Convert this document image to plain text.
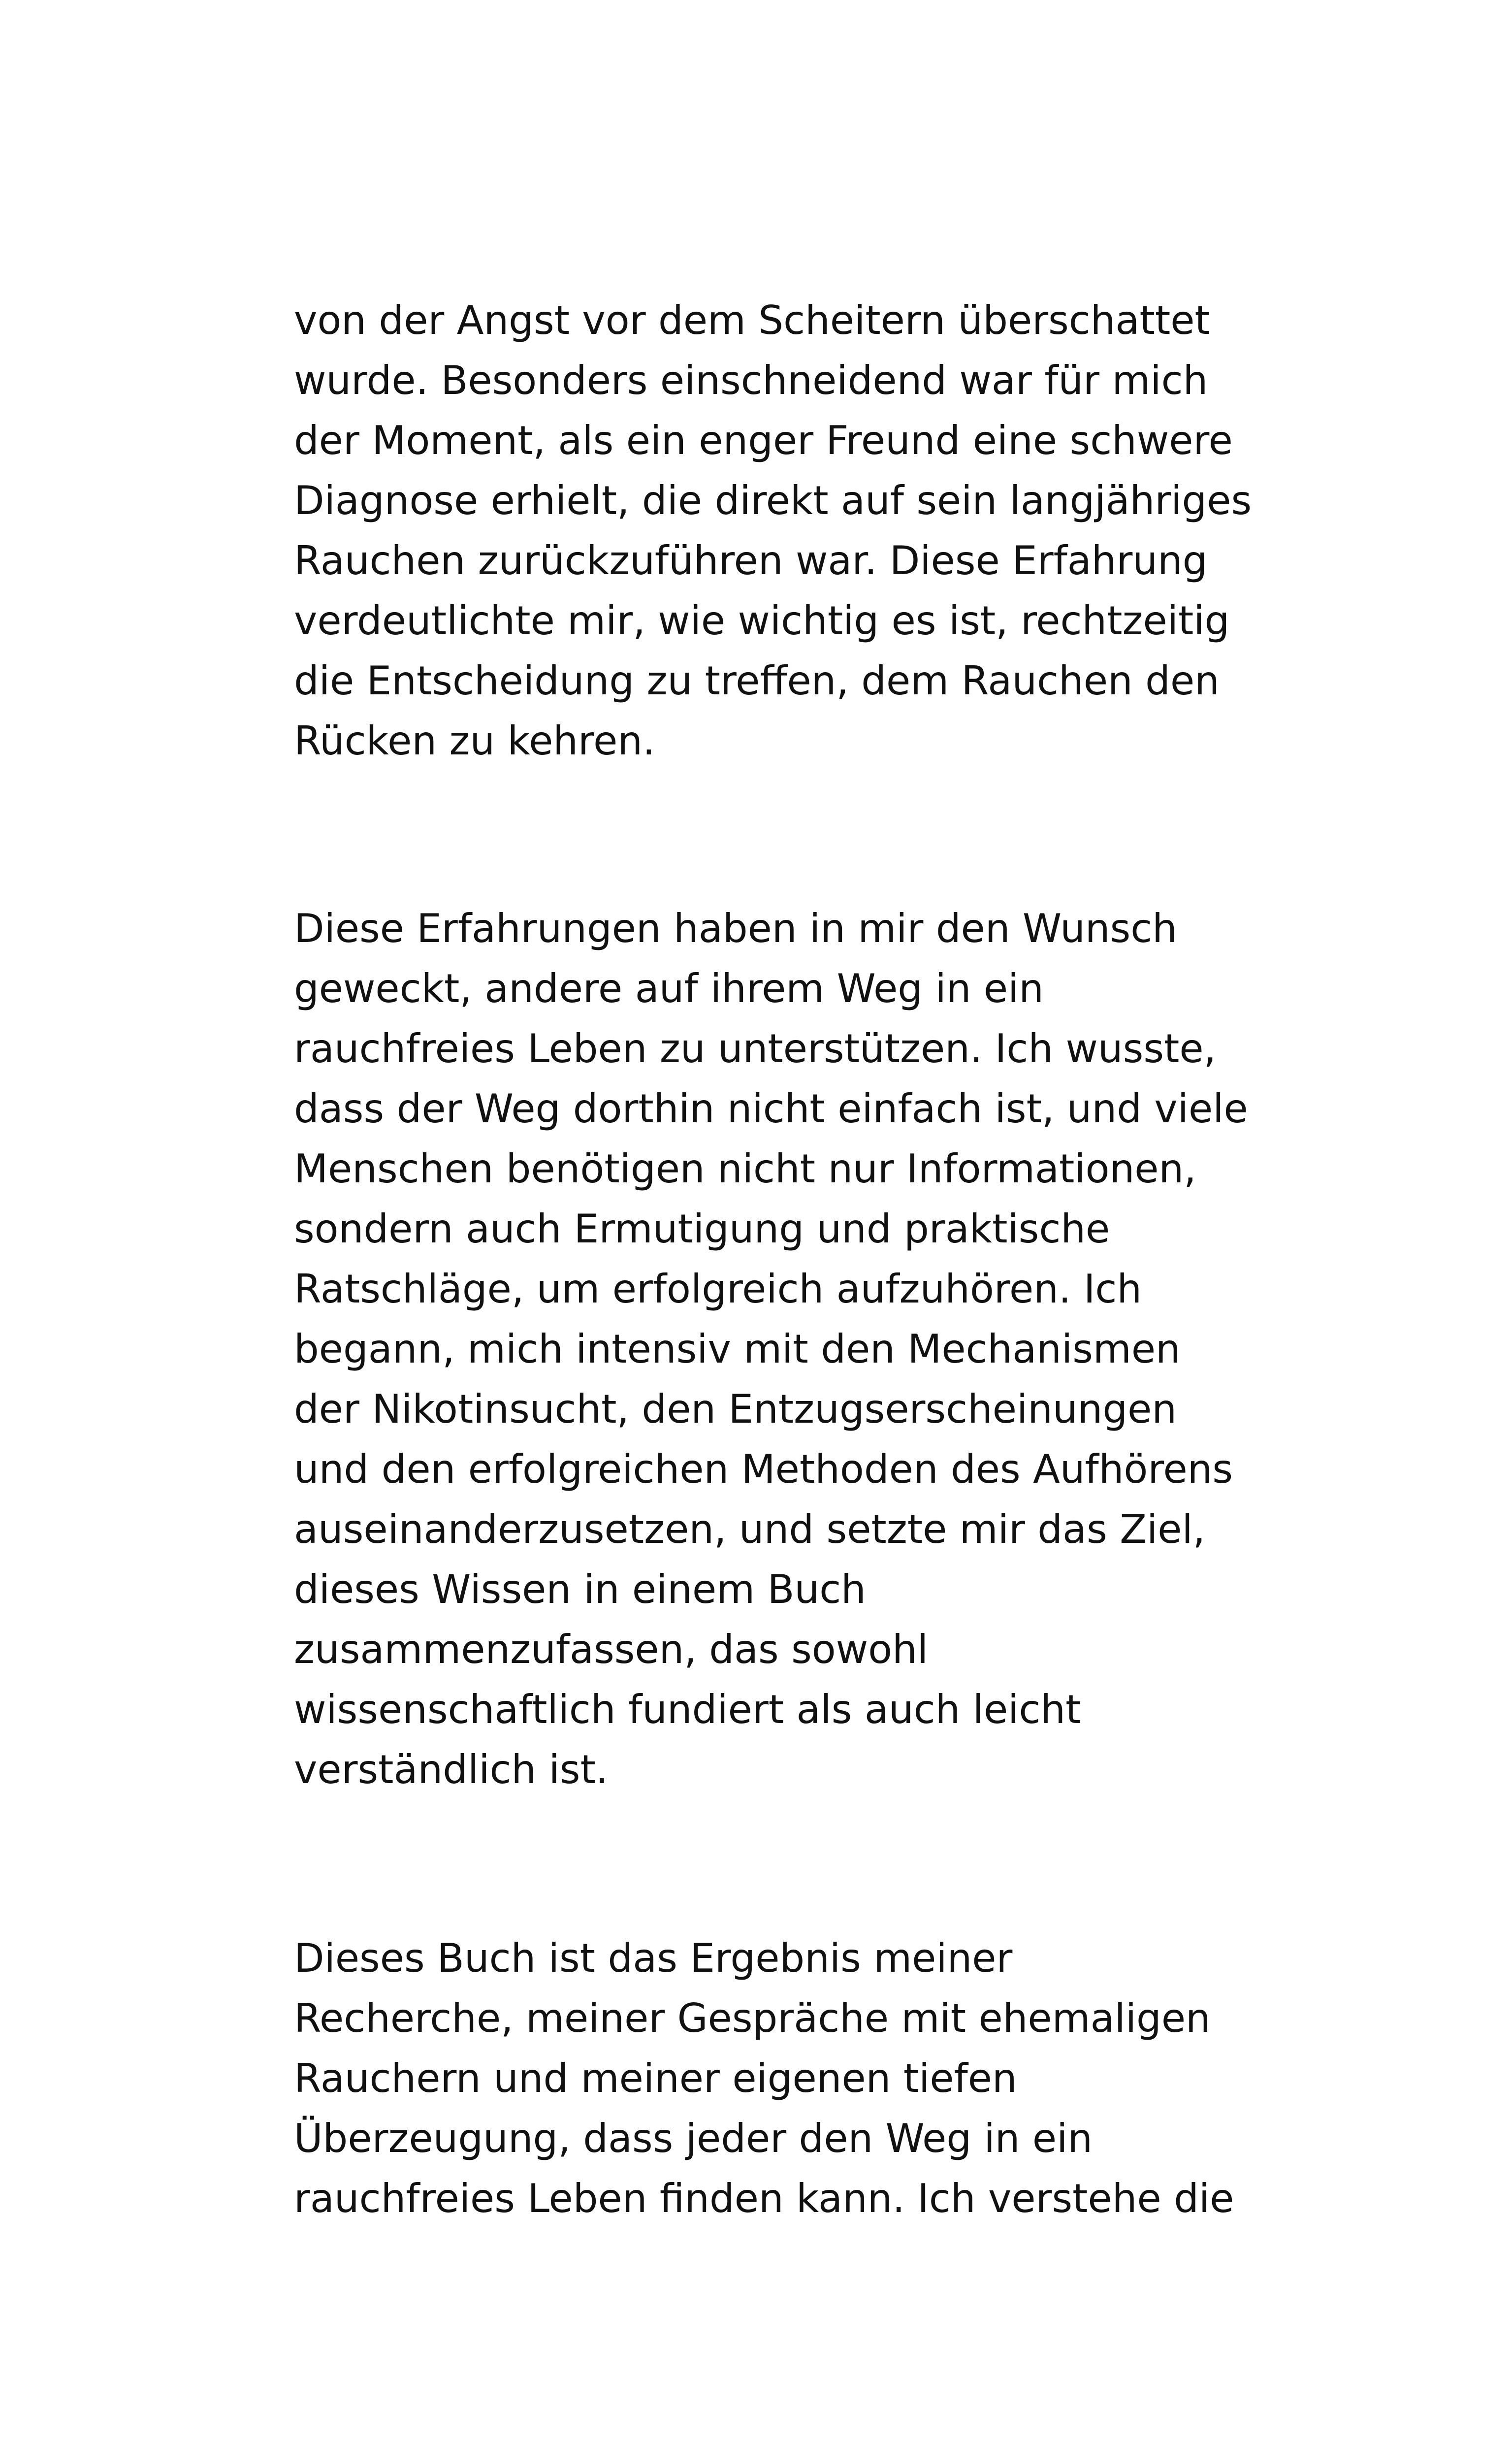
von der Angst vor dem Scheitern überschattet
wurde. Besonders einschneidend war für mich
der Moment, als ein enger Freund eine schwere
Diagnose erhielt, die direkt auf sein langjähriges
Rauchen zurückzuführen war. Diese Erfahrung
verdeutlichte mir, wie wichtig es ist, rechtzeitig
die Entscheidung zu treffen, dem Rauchen den
Rücken zu kehren.
Diese Erfahrungen haben in mir den Wunsch
geweckt, andere auf ihrem Weg in ein
rauchfreies Leben zu unterstützen. Ich wusste,
dass der Weg dorthin nicht einfach ist, und viele
Menschen benötigen nicht nur Informationen,
sondern auch Ermutigung und praktische
Ratschläge, um erfolgreich aufzuhören. Ich
begann, mich intensiv mit den Mechanismen
der Nikotinsucht, den Entzugserscheinungen
und den erfolgreichen Methoden des Aufhörens
auseinanderzusetzen, und setzte mir das Ziel,
dieses Wissen in einem Buch
zusammenzufassen, das sowohl
wissenschaftlich fundiert als auch leicht
verständlich ist.
Dieses Buch ist das Ergebnis meiner
Recherche, meiner Gespräche mit ehemaligen
Rauchern und meiner eigenen tiefen
Überzeugung, dass jeder den Weg in ein
rauchfreies Leben finden kann. Ich verstehe die
